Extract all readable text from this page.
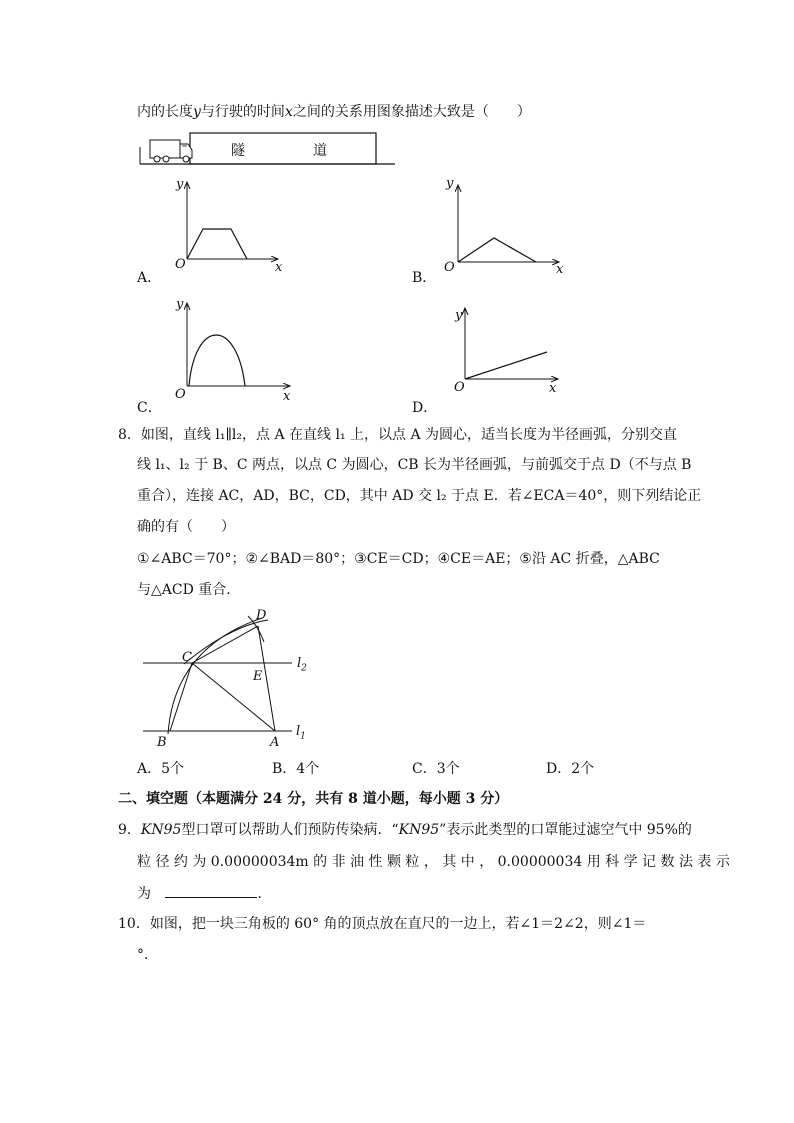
内的长度y与行驶的时间x之间的关系用图象描述大致是（　　）
隧	道
y
x
O
A．
y
x
O
B．
y
x
O
C．
y
x
O
D．
8．如图，直线 l₁∥l₂，点 A 在直线 l₁ 上，以点 A 为圆心，适当长度为半径画弧，分别交直
线 l₁、l₂ 于 B、C 两点，以点 C 为圆心，CB 长为半径画弧，与前弧交于点 D（不与点 B
重合），连接 AC，AD，BC，CD，其中 AD 交 l₂ 于点 E．若∠ECA＝40°，则下列结论正
确的有（　　）
①∠ABC＝70°；②∠BAD＝80°；③CE＝CD；④CE＝AE；⑤沿 AC 折叠，△ABC
与△ACD 重合．
D
C
E
B	A
$l_2$
$l_1$
A．5个	B．4个	C．3个	D．2个
二、填空题（本题满分 24 分，共有 8 道小题，每小题 3 分）
9．KN95型口罩可以帮助人们预防传染病．“KN95”表示此类型的口罩能过滤空气中 95%的
粒 径 约 为 0.00000034m 的 非 油 性 颗 粒 ， 其 中 ， 0.00000034 用 科 学 记 数 法 表 示
为	．
10．如图，把一块三角板的 60° 角的顶点放在直尺的一边上，若∠1＝2∠2，则∠1＝
°．
